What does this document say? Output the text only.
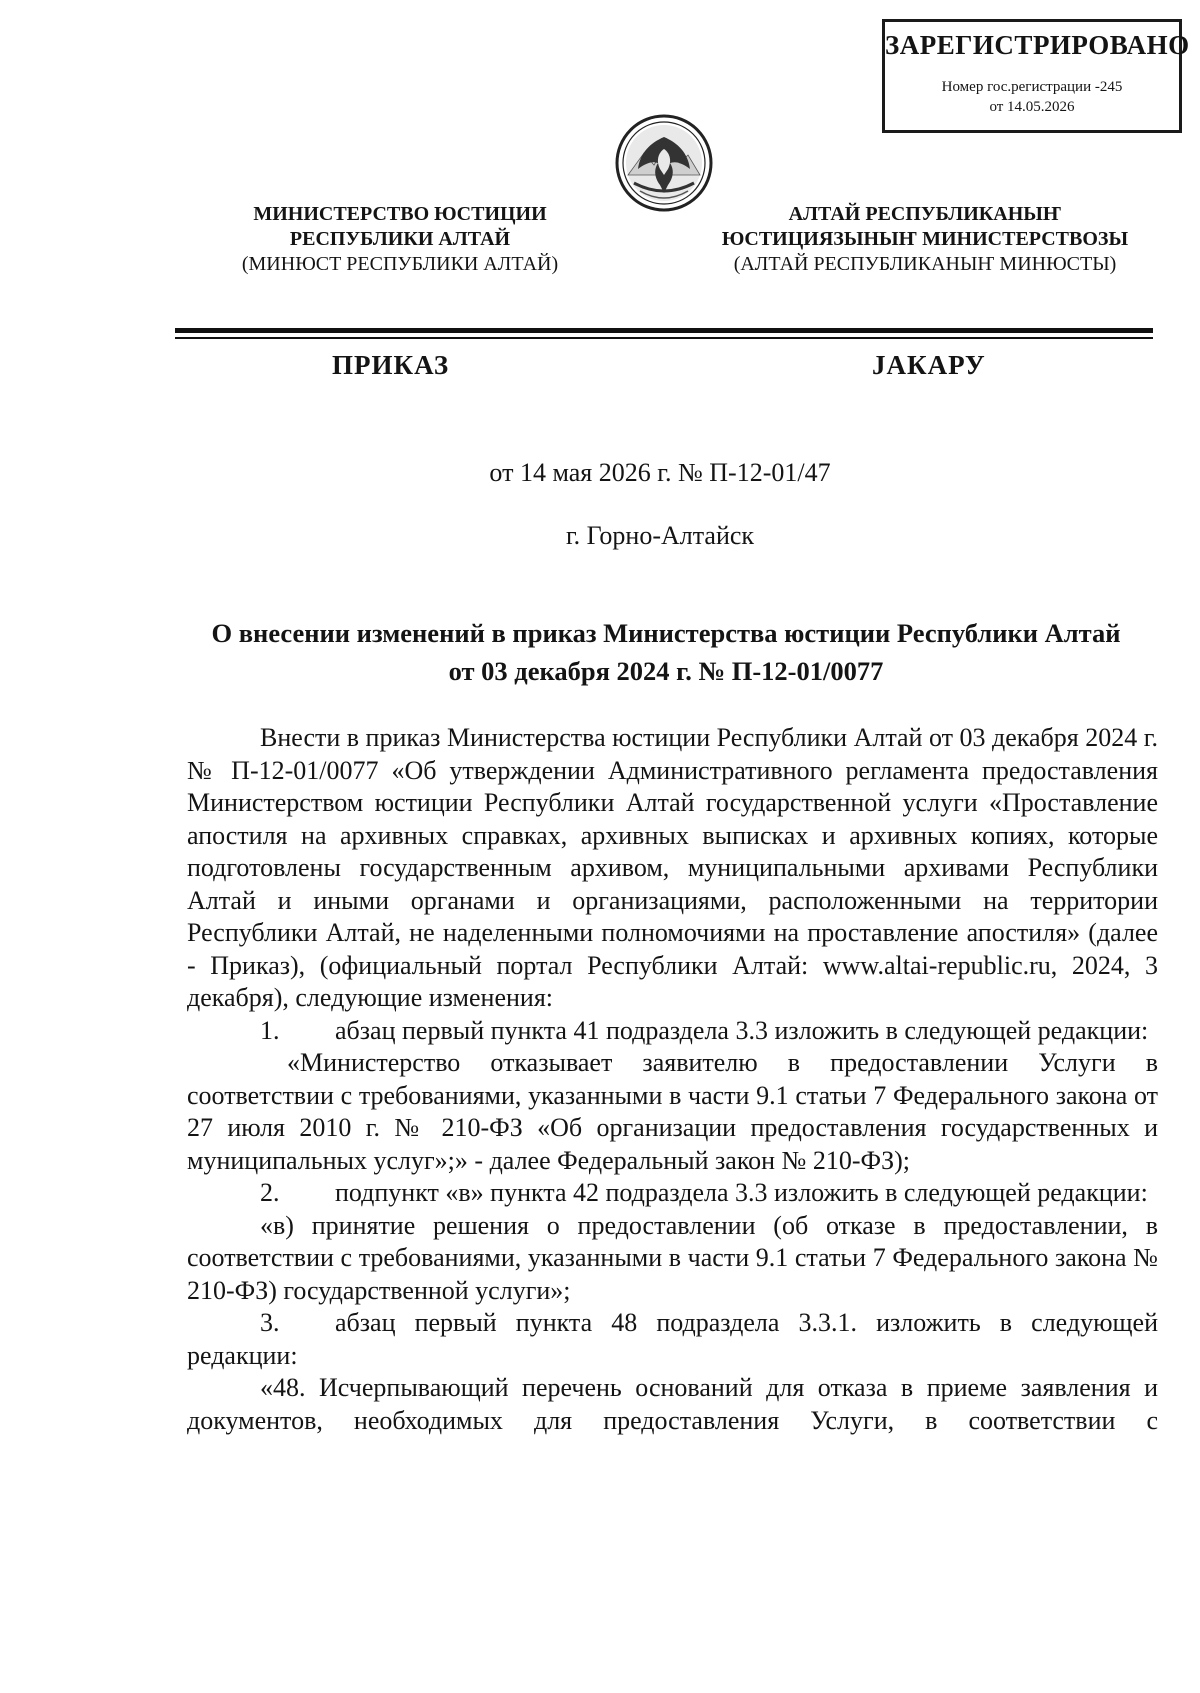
ЗАРЕГИСТРИРОВАНО
Номер гос.регистрации -245
от 14.05.2026
МИНИСТЕРСТВО ЮСТИЦИИ
РЕСПУБЛИКИ АЛТАЙ
(МИНЮСТ РЕСПУБЛИКИ АЛТАЙ)
АЛТАЙ РЕСПУБЛИКАНЫҤ
ЮСТИЦИЯЗЫНЫҤ МИНИСТЕРСТВОЗЫ
(АЛТАЙ РЕСПУБЛИКАНЫҤ МИНЮСТЫ)
ПРИКАЗ	ЈАКАРУ
от 14 мая 2026 г. № П-12-01/47
г. Горно-Алтайск
О внесении изменений в приказ Министерства юстиции Республики Алтай
от 03 декабря 2024 г. № П-12-01/0077

Внести в приказ Министерства юстиции Республики Алтай от 03 декабря 2024 г. № П-12-01/0077 «Об утверждении Административного регламента предоставления Министерством юстиции Республики Алтай государственной услуги «Проставление апостиля на архивных справках, архивных выписках и архивных копиях, которые подготовлены государственным архивом, муниципальными архивами Республики Алтай и иными органами и организациями, расположенными на территории Республики Алтай, не наделенными полномочиями на проставление апостиля» (далее - Приказ), (официальный портал Республики Алтай: www.altai-republic.ru, 2024, 3 декабря), следующие изменения:

1. абзац первый пункта 41 подраздела 3.3 изложить в следующей редакции:

«Министерство отказывает заявителю в предоставлении Услуги в соответствии с требованиями, указанными в части 9.1 статьи 7 Федерального закона от 27 июля 2010 г. № 210-ФЗ «Об организации предоставления государственных и муниципальных услуг»;» - далее Федеральный закон № 210-ФЗ);

2. подпункт «в» пункта 42 подраздела 3.3 изложить в следующей редакции:

«в) принятие решения о предоставлении (об отказе в предоставлении, в соответствии с требованиями, указанными в части 9.1 статьи 7 Федерального закона № 210-ФЗ) государственной услуги»;

3. абзац первый пункта 48 подраздела 3.3.1. изложить в следующей редакции:

«48. Исчерпывающий перечень оснований для отказа в приеме заявления и документов, необходимых для предоставления Услуги, в соответствии с
